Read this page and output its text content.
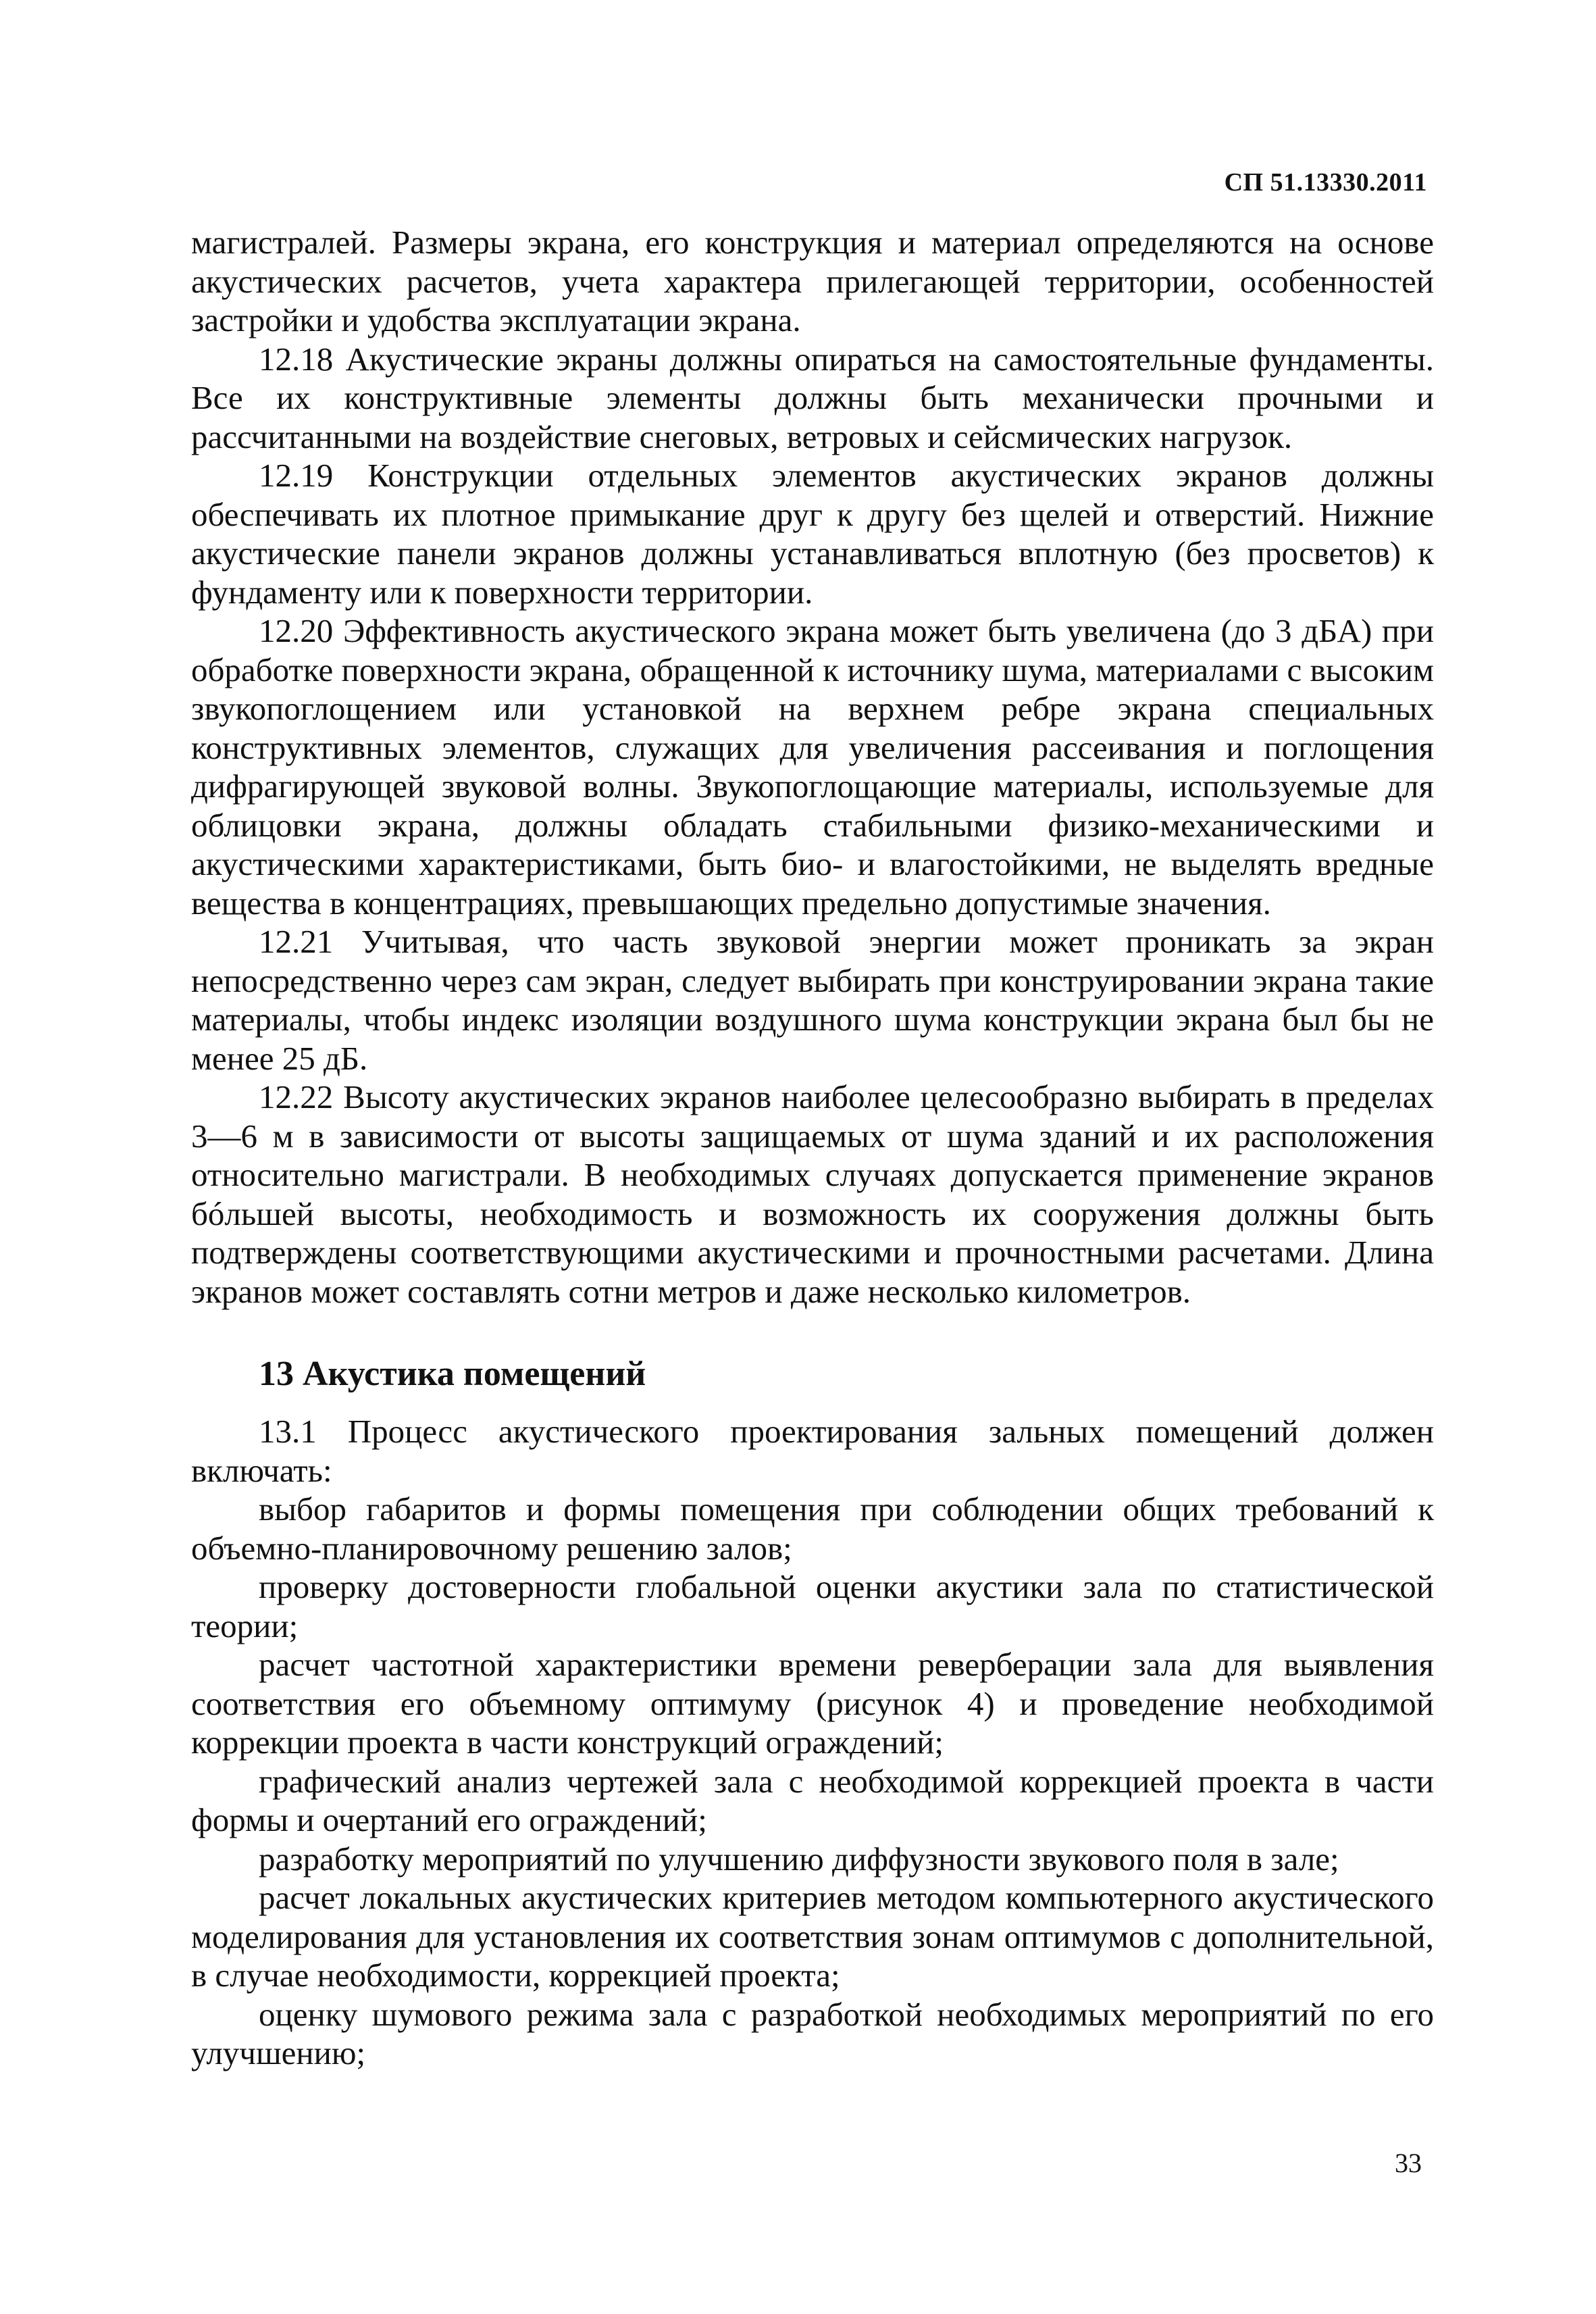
СП 51.13330.2011

магистралей. Размеры экрана, его конструкция и материал определяются на основе акустических расчетов, учета характера прилегающей территории, особенностей застройки и удобства эксплуатации экрана.

12.18 Акустические экраны должны опираться на самостоятельные фундаменты. Все их конструктивные элементы должны быть механически прочными и рассчитанными на воздействие снеговых, ветровых и сейсмических нагрузок.

12.19 Конструкции отдельных элементов акустических экранов должны обеспечивать их плотное примыкание друг к другу без щелей и отверстий. Нижние акустические панели экранов должны устанавливаться вплотную (без просветов) к фундаменту или к поверхности территории.

12.20 Эффективность акустического экрана может быть увеличена (до 3 дБА) при обработке поверхности экрана, обращенной к источнику шума, материалами с высоким звукопоглощением или установкой на верхнем ребре экрана специальных конструктивных элементов, служащих для увеличения рассеивания и поглощения дифрагирующей звуковой волны. Звукопоглощающие материалы, используемые для облицовки экрана, должны обладать стабильными физико-механическими и акустическими характеристиками, быть био- и влагостойкими, не выделять вредные вещества в концентрациях, превышающих предельно допустимые значения.

12.21 Учитывая, что часть звуковой энергии может проникать за экран непосредственно через сам экран, следует выбирать при конструировании экрана такие материалы, чтобы индекс изоляции воздушного шума конструкции экрана был бы не менее 25 дБ.

12.22 Высоту акустических экранов наиболее целесообразно выбирать в пределах 3—6 м в зависимости от высоты защищаемых от шума зданий и их расположения относительно магистрали. В необходимых случаях допускается применение экранов бóльшей высоты, необходимость и возможность их сооружения должны быть подтверждены соответствующими акустическими и прочностными расчетами. Длина экранов может составлять сотни метров и даже несколько километров.

13 Акустика помещений

13.1 Процесс акустического проектирования зальных помещений должен включать:

выбор габаритов и формы помещения при соблюдении общих требований к объемно-планировочному решению залов;

проверку достоверности глобальной оценки акустики зала по статистической теории;

расчет частотной характеристики времени реверберации зала для выявления соответствия его объемному оптимуму (рисунок 4) и проведение необходимой коррекции проекта в части конструкций ограждений;

графический анализ чертежей зала с необходимой коррекцией проекта в части формы и очертаний его ограждений;

разработку мероприятий по улучшению диффузности звукового поля в зале;

расчет локальных акустических критериев методом компьютерного акустического моделирования для установления их соответствия зонам оптимумов с дополнительной, в случае необходимости, коррекцией проекта;

оценку шумового режима зала с разработкой необходимых мероприятий по его улучшению;

33
